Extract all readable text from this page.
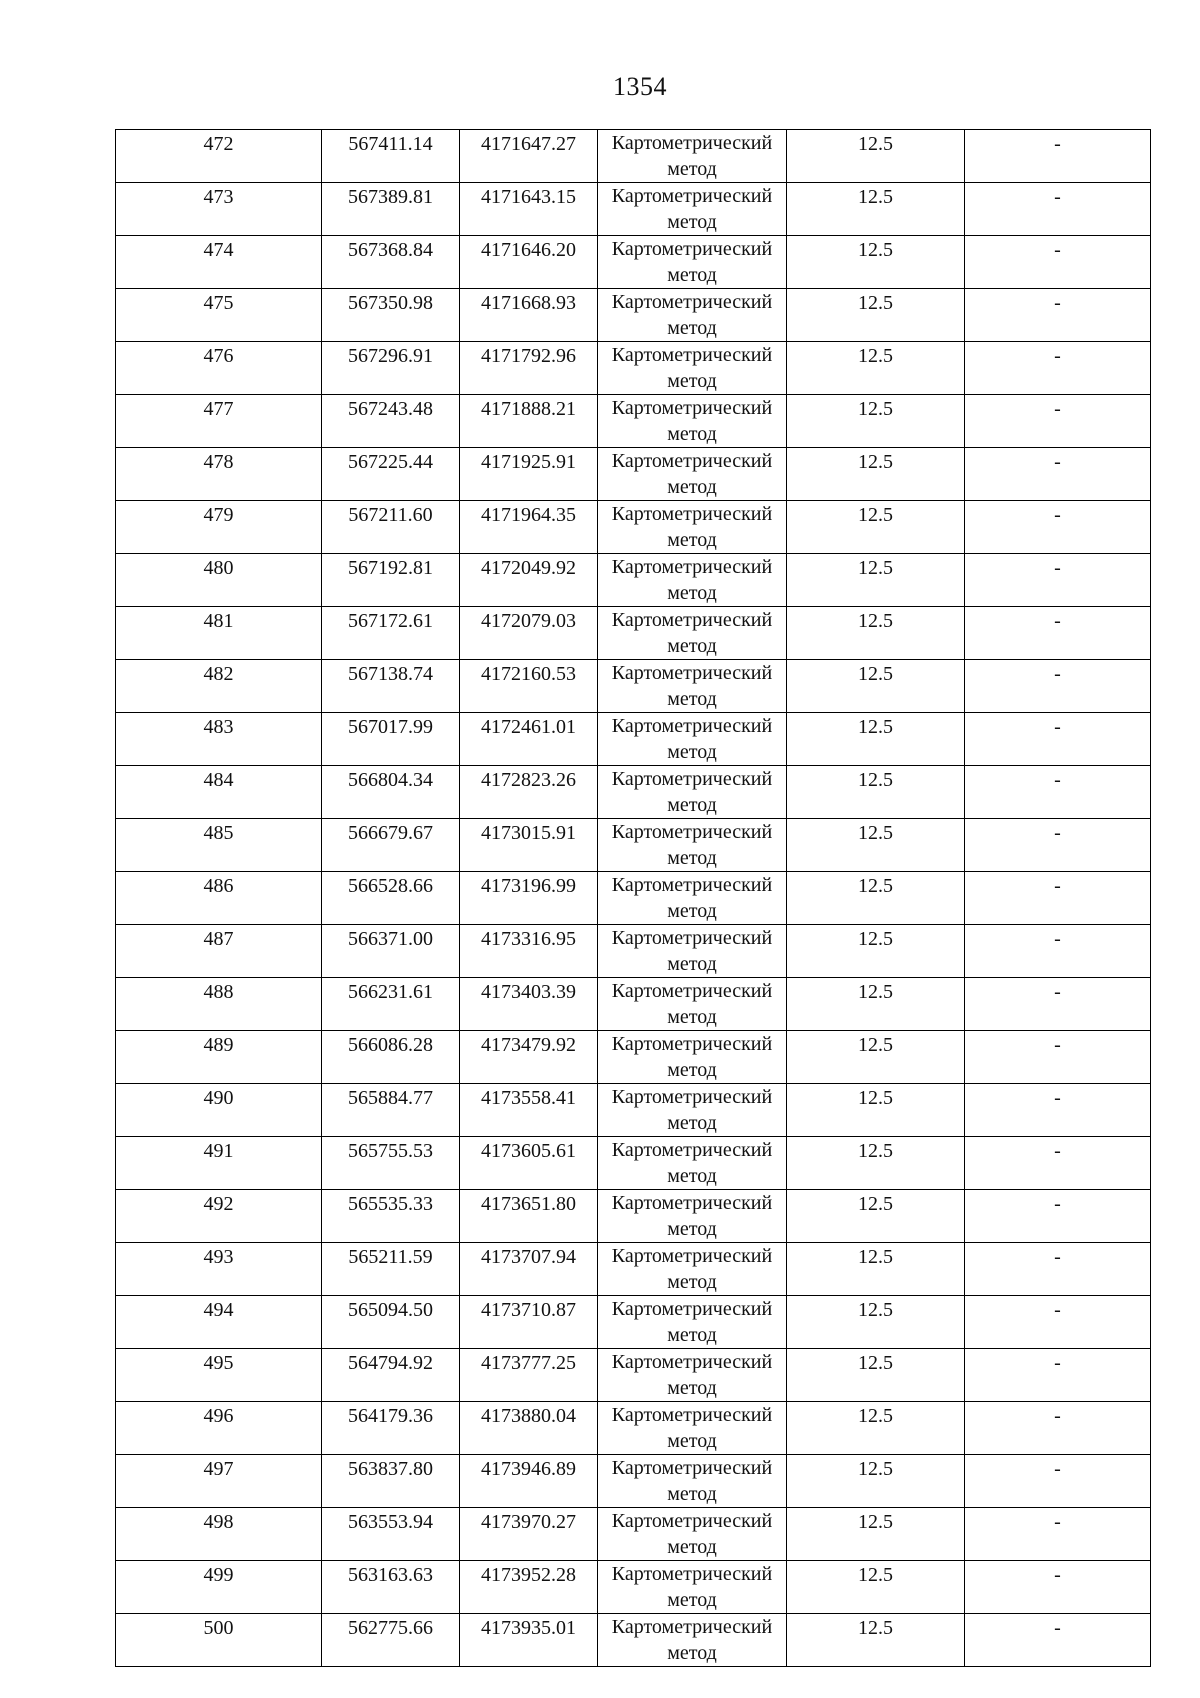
1354
472	567411.14	4171647.27	Картометрический метод	12.5	-
473	567389.81	4171643.15	Картометрический метод	12.5	-
474	567368.84	4171646.20	Картометрический метод	12.5	-
475	567350.98	4171668.93	Картометрический метод	12.5	-
476	567296.91	4171792.96	Картометрический метод	12.5	-
477	567243.48	4171888.21	Картометрический метод	12.5	-
478	567225.44	4171925.91	Картометрический метод	12.5	-
479	567211.60	4171964.35	Картометрический метод	12.5	-
480	567192.81	4172049.92	Картометрический метод	12.5	-
481	567172.61	4172079.03	Картометрический метод	12.5	-
482	567138.74	4172160.53	Картометрический метод	12.5	-
483	567017.99	4172461.01	Картометрический метод	12.5	-
484	566804.34	4172823.26	Картометрический метод	12.5	-
485	566679.67	4173015.91	Картометрический метод	12.5	-
486	566528.66	4173196.99	Картометрический метод	12.5	-
487	566371.00	4173316.95	Картометрический метод	12.5	-
488	566231.61	4173403.39	Картометрический метод	12.5	-
489	566086.28	4173479.92	Картометрический метод	12.5	-
490	565884.77	4173558.41	Картометрический метод	12.5	-
491	565755.53	4173605.61	Картометрический метод	12.5	-
492	565535.33	4173651.80	Картометрический метод	12.5	-
493	565211.59	4173707.94	Картометрический метод	12.5	-
494	565094.50	4173710.87	Картометрический метод	12.5	-
495	564794.92	4173777.25	Картометрический метод	12.5	-
496	564179.36	4173880.04	Картометрический метод	12.5	-
497	563837.80	4173946.89	Картометрический метод	12.5	-
498	563553.94	4173970.27	Картометрический метод	12.5	-
499	563163.63	4173952.28	Картометрический метод	12.5	-
500	562775.66	4173935.01	Картометрический метод	12.5	-
